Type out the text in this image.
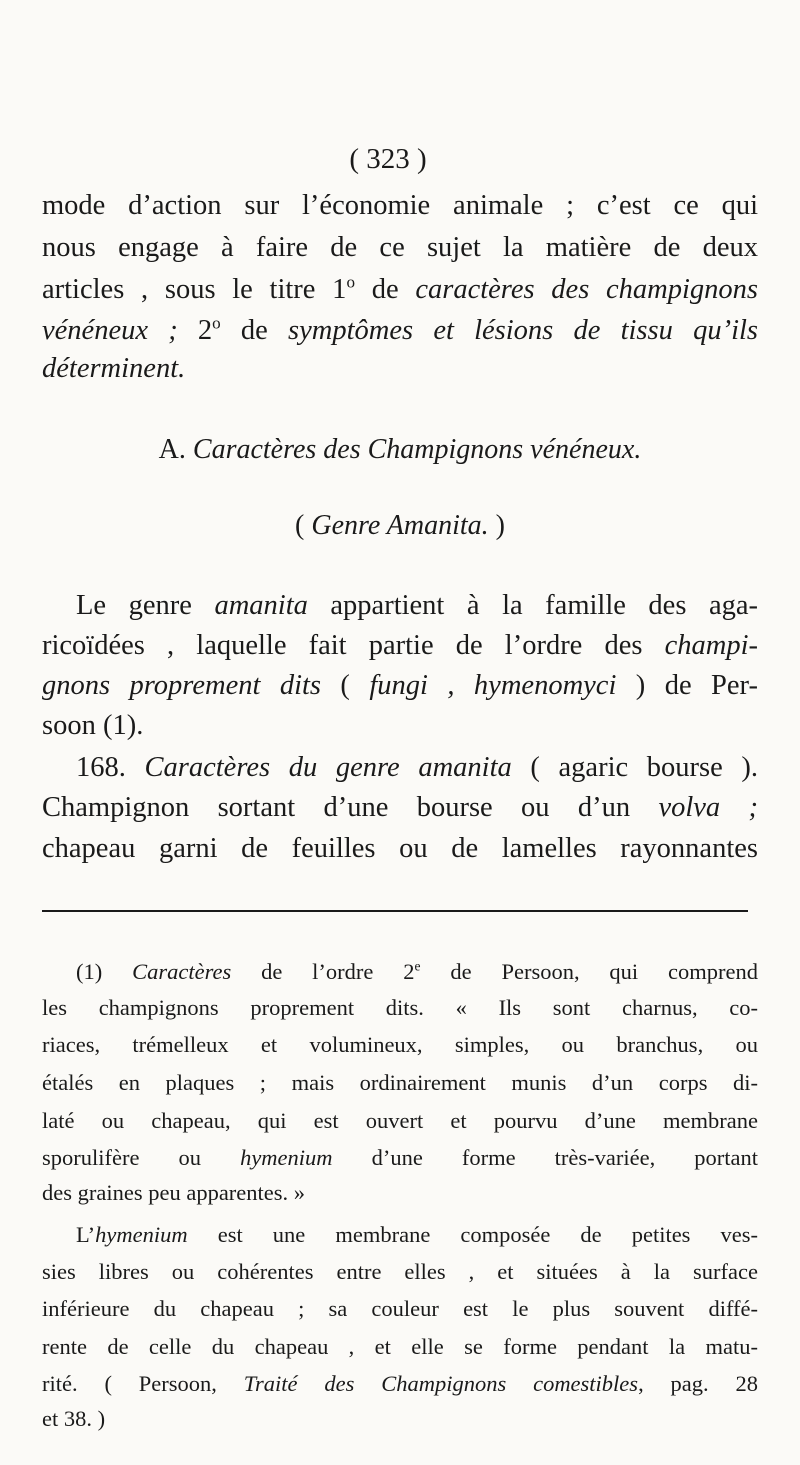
( 323 )
mode d’action sur l’économie animale ; c’est ce qui
nous engage à faire de ce sujet la matière de deux
articles , sous le titre 1$^o$ de caractères des champignons
vénéneux ; 2$^o$ de symptômes et lésions de tissu qu’ils
déterminent.
A. Caractères des Champignons vénéneux.
( Genre Amanita. )
Le genre amanita appartient à la famille des aga-
ricoïdées , laquelle fait partie de l’ordre des champi-
gnons proprement dits ( fungi , hymenomyci ) de Per-
soon (1).
168. Caractères du genre amanita ( agaric bourse ).
Champignon sortant d’une bourse ou d’un volva ;
chapeau garni de feuilles ou de lamelles rayonnantes
(1) Caractères de l’ordre 2e de Persoon, qui comprend
les champignons proprement dits. « Ils sont charnus, co-
riaces, trémelleux et volumineux, simples, ou branchus, ou
étalés en plaques ; mais ordinairement munis d’un corps di-
laté ou chapeau, qui est ouvert et pourvu d’une membrane
sporulifère ou hymenium d’une forme très-variée, portant
des graines peu apparentes. »
L’hymenium est une membrane composée de petites ves-
sies libres ou cohérentes entre elles , et situées à la surface
inférieure du chapeau ; sa couleur est le plus souvent diffé-
rente de celle du chapeau , et elle se forme pendant la matu-
rité. ( Persoon, Traité des Champignons comestibles, pag. 28
et 38. )
